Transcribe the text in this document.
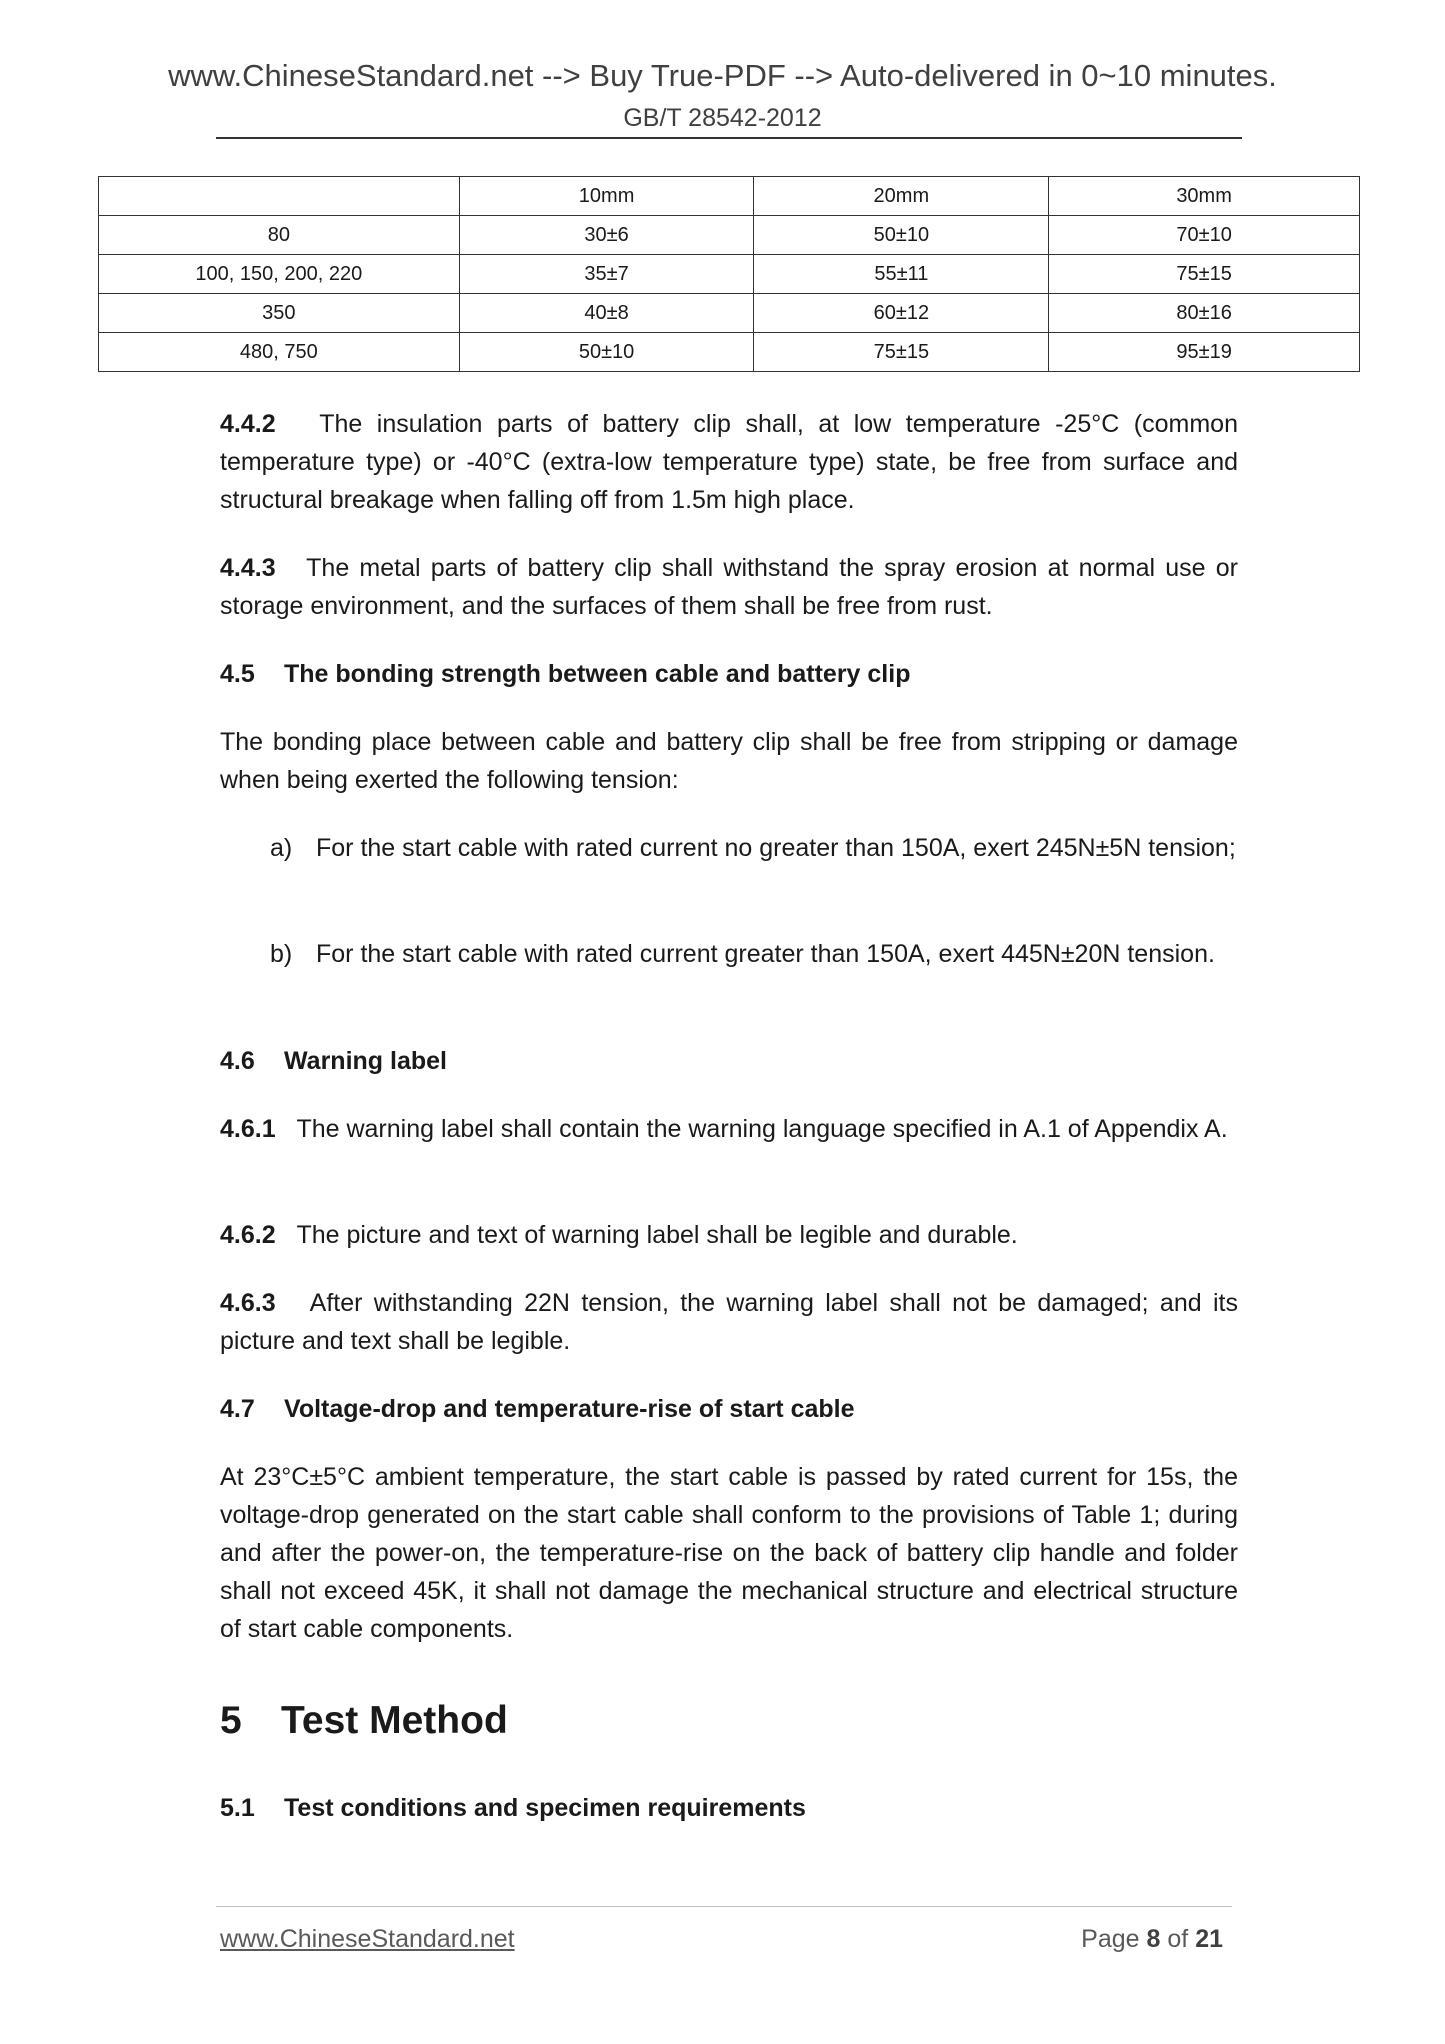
www.ChineseStandard.net --> Buy True-PDF --> Auto-delivered in 0~10 minutes.
GB/T 28542-2012
	10mm	20mm	30mm
80	30±6	50±10	70±10
100, 150, 200, 220	35±7	55±11	75±15
350	40±8	60±12	80±16
480, 750	50±10	75±15	95±19
4.4.2 The insulation parts of battery clip shall, at low temperature -25°C (common temperature type) or -40°C (extra-low temperature type) state, be free from surface and structural breakage when falling off from 1.5m high place.
4.4.3 The metal parts of battery clip shall withstand the spray erosion at normal use or storage environment, and the surfaces of them shall be free from rust.
4.5 The bonding strength between cable and battery clip
The bonding place between cable and battery clip shall be free from stripping or damage when being exerted the following tension:
a) For the start cable with rated current no greater than 150A, exert 245N±5N tension;
b) For the start cable with rated current greater than 150A, exert 445N±20N tension.
4.6 Warning label
4.6.1 The warning label shall contain the warning language specified in A.1 of Appendix A.
4.6.2 The picture and text of warning label shall be legible and durable.
4.6.3 After withstanding 22N tension, the warning label shall not be damaged; and its picture and text shall be legible.
4.7 Voltage-drop and temperature-rise of start cable
At 23°C±5°C ambient temperature, the start cable is passed by rated current for 15s, the voltage-drop generated on the start cable shall conform to the provisions of Table 1; during and after the power-on, the temperature-rise on the back of battery clip handle and folder shall not exceed 45K, it shall not damage the mechanical structure and electrical structure of start cable components.
5 Test Method
5.1 Test conditions and specimen requirements
www.ChineseStandard.net	Page 8 of 21
